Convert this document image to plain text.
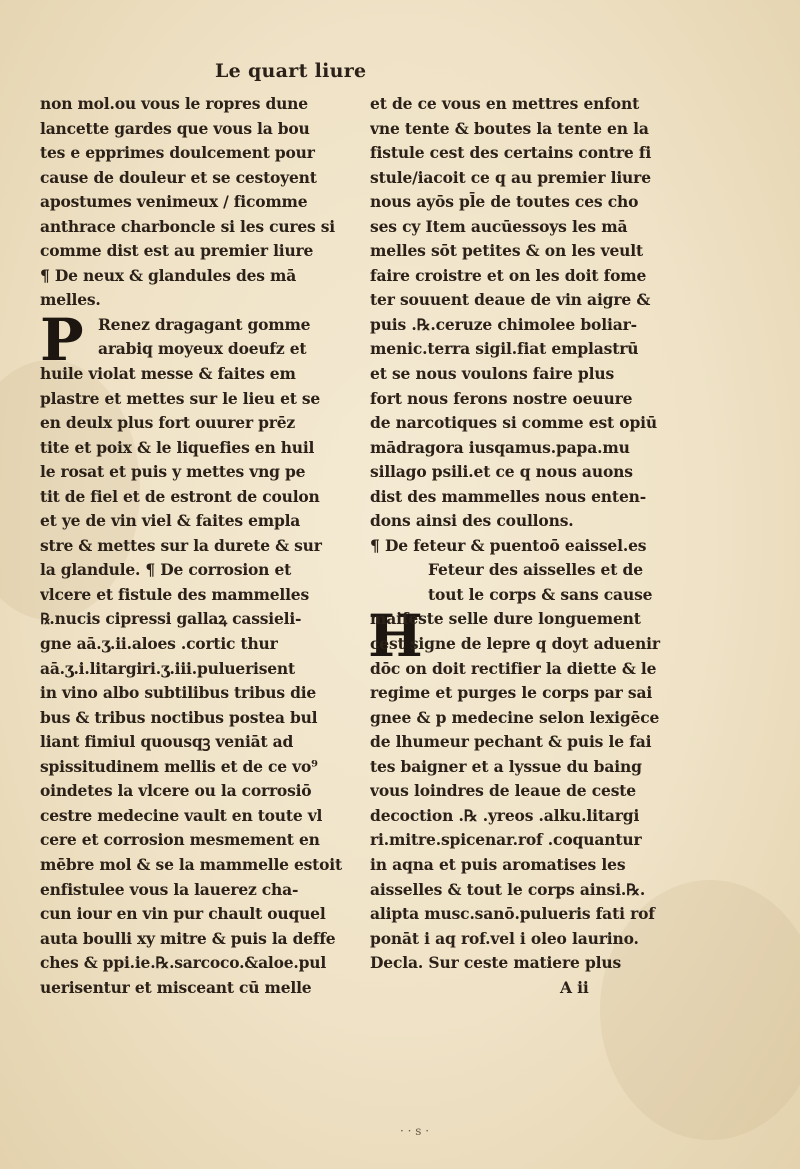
Le quart liure
P
H
non mol.ou vous le ropres dune
lancette gardes que vous la bou
tes e epprimes doulcement pour
cause de douleur et se cestoyent
apostumes venimeux / ficomme
anthrace charboncle si les cures si
comme dist est au premier liure
¶ De neux & glandules des mā
melles.
Renez dragagant gomme
arabiq moyeux doeufz et
huile violat messe & faites em
plastre et mettes sur le lieu et se
en deulx plus fort ouurer prēz
tite et poix & le liquefies en huil
le rosat et puis y mettes vng pe
tit de fiel et de estront de coulon
et ye de vin viel & faites empla
stre & mettes sur la durete & sur
la glandule. ¶ De corrosion et
vlcere et fistule des mammelles
℞.nucis cipressi gallaꝝ cassieli-
gne aā.ʒ.ii.aloes .cortic thur
aā.ʒ.i.litargiri.ʒ.iii.puluerisent
in vino albo subtilibus tribus die
bus & tribus noctibus postea bul
liant fimiul quousqꝫ veniāt ad
spissitudinem mellis et de ce vo⁹
oindetes la vlcere ou la corrosiō
cestre medecine vault en toute vl
cere et corrosion mesmement en
mēbre mol & se la mammelle estoit
enfistulee vous la lauerez cha-
cun iour en vin pur chault ouquel
auta boulli xy mitre & puis la deffe
ches & ppi.ie.℞.sarcoco.&aloe.pul
uerisentur et misceant cū melle
et de ce vous en mettres enfont
vne tente & boutes la tente en la
fistule cest des certains contre fi
stule/iacoit ce q au premier liure
nous ayōs pl̄e de toutes ces cho
ses cy Item aucūessoys les mā
melles sōt petites & on les veult
faire croistre et on les doit fome
ter souuent deaue de vin aigre &
puis .℞.ceruze chimolee boliar-
menic.terra sigil.fiat emplastrū
et se nous voulons faire plus
fort nous ferons nostre oeuure
de narcotiques si comme est opiū
mādragora iusqamus.papa.mu
sillago psili.et ce q nous auons
dist des mammelles nous enten-
dons ainsi des coullons.
¶ De feteur & puentoō eaissel.es
Feteur des aisselles et de
tout le corps & sans cause
maifeste selle dure longuement
cest signe de lepre q doyt aduenir
dōc on doit rectifier la diette & le
regime et purges le corps par sai
gnee & p medecine selon lexigēce
de lhumeur pechant & puis le fai
tes baigner et a lyssue du baing
vous loindres de leaue de ceste
decoction .℞ .yreos .alku.litargi
ri.mitre.spicenar.rof .coquantur
in aqna et puis aromatises les
aisselles & tout le corps ainsi.℞.
alipta musc.sanō.pulueris fati rof
ponāt i aq rof.vel i oleo laurino.
Decla. Sur ceste matiere plus
A ii
· · s ·
